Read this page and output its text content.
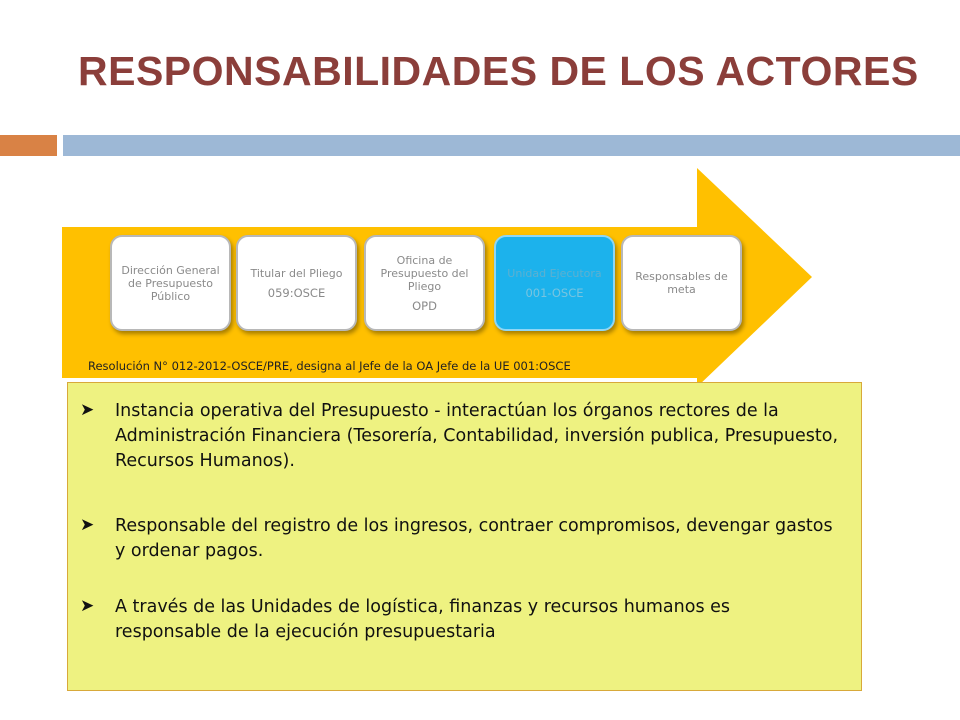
RESPONSABILIDADES DE LOS ACTORES
Dirección General de Presupuesto Público
Titular del Pliego
059:OSCE
Oficina de Presupuesto del Pliego
OPD
Unidad Ejecutora
001-OSCE
Responsables de meta
Resolución N° 012-2012-OSCE/PRE, designa al Jefe de la OA Jefe de la UE 001:OSCE
➤	Instancia operativa del Presupuesto - interactúan los órganos rectores de la Administración Financiera (Tesorería, Contabilidad, inversión publica, Presupuesto, Recursos Humanos).
➤	Responsable del registro de los ingresos, contraer compromisos, devengar gastos y ordenar pagos.
➤	A través de las Unidades de logística, finanzas y recursos humanos es responsable de la ejecución presupuestaria
